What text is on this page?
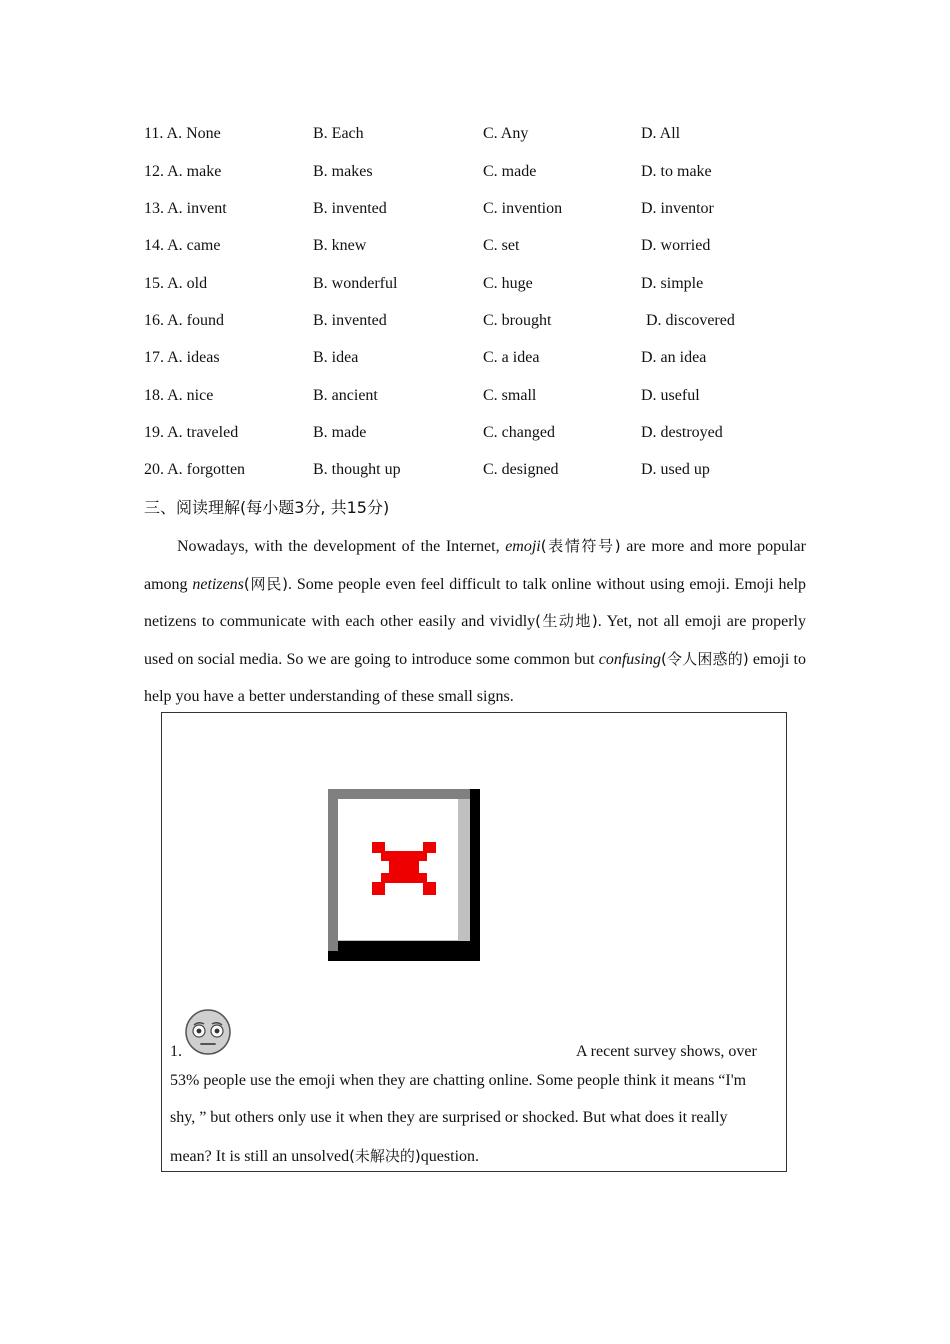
11. A. None	B. Each	C. Any	D. All
12. A. make	B. makes	C. made	D. to make
13. A. invent	B. invented	C. invention	D. inventor
14. A. came	B. knew	C. set	D. worried
15. A. old	B. wonderful	C. huge	D. simple
16. A. found	B. invented	C. brought	D. discovered
17. A. ideas	B. idea	C. a idea	D. an idea
18. A. nice	B. ancient	C. small	D. useful
19. A. traveled	B. made	C. changed	D. destroyed
20. A. forgotten	B. thought up	C. designed	D. used up
三、阅读理解(每小题3分, 共15分)
Nowadays, with the development of the Internet, emoji(表情符号) are more and more popular among netizens(网民). Some people even feel difficult to talk online without using emoji. Emoji help netizens to communicate with each other easily and vividly(生动地). Yet, not all emoji are properly used on social media. So we are going to introduce some common but confusing(令人困惑的) emoji to help you have a better understanding of these small signs.
1.	A recent survey shows, over
53% people use the emoji when they are chatting online. Some people think it means “I'm
shy, ” but others only use it when they are surprised or shocked. But what does it really
mean? It is still an unsolved(未解决的)question.
